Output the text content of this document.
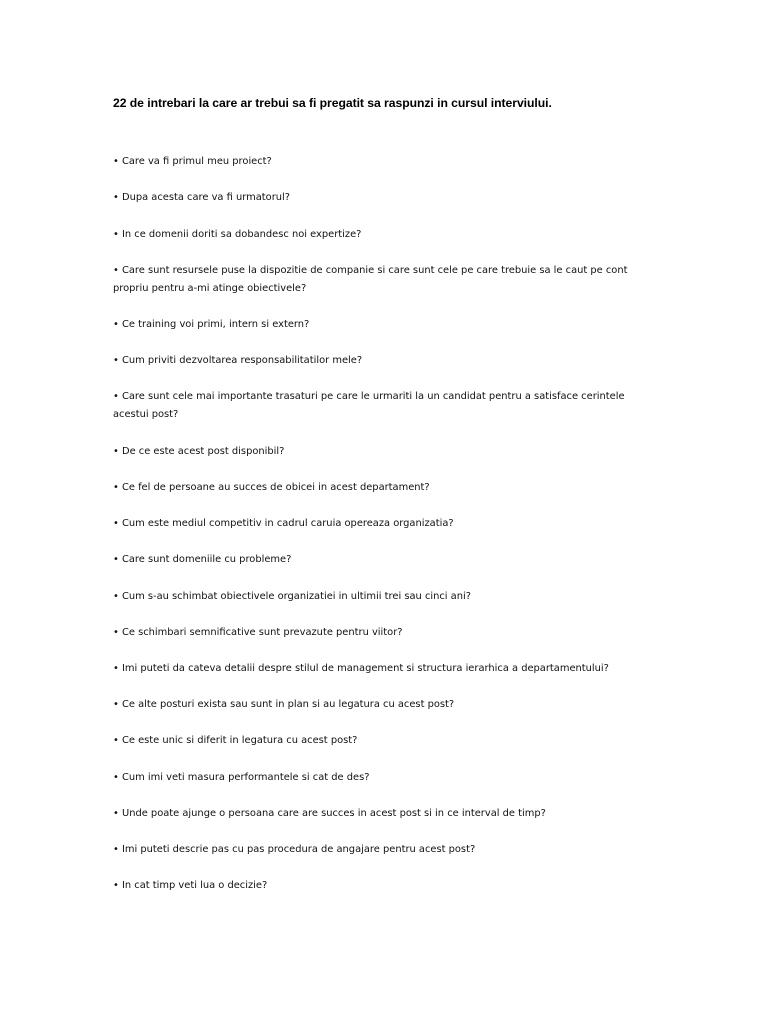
22 de intrebari la care ar trebui sa fi pregatit sa raspunzi in cursul interviului.

• Care va fi primul meu proiect?

• Dupa acesta care va fi urmatorul?

• In ce domenii doriti sa dobandesc noi expertize?

• Care sunt resursele puse la dispozitie de companie si care sunt cele pe care trebuie sa le caut pe cont propriu pentru a-mi atinge obiectivele?

• Ce training voi primi, intern si extern?

• Cum priviti dezvoltarea responsabilitatilor mele?

• Care sunt cele mai importante trasaturi pe care le urmariti la un candidat pentru a satisface cerintele acestui post?

• De ce este acest post disponibil?

• Ce fel de persoane au succes de obicei in acest departament?

• Cum este mediul competitiv in cadrul caruia opereaza organizatia?

• Care sunt domeniile cu probleme?

• Cum s-au schimbat obiectivele organizatiei in ultimii trei sau cinci ani?

• Ce schimbari semnificative sunt prevazute pentru viitor?

• Imi puteti da cateva detalii despre stilul de management si structura ierarhica a departamentului?

• Ce alte posturi exista sau sunt in plan si au legatura cu acest post?

• Ce este unic si diferit in legatura cu acest post?

• Cum imi veti masura performantele si cat de des?

• Unde poate ajunge o persoana care are succes in acest post si in ce interval de timp?

• Imi puteti descrie pas cu pas procedura de angajare pentru acest post?

• In cat timp veti lua o decizie?
